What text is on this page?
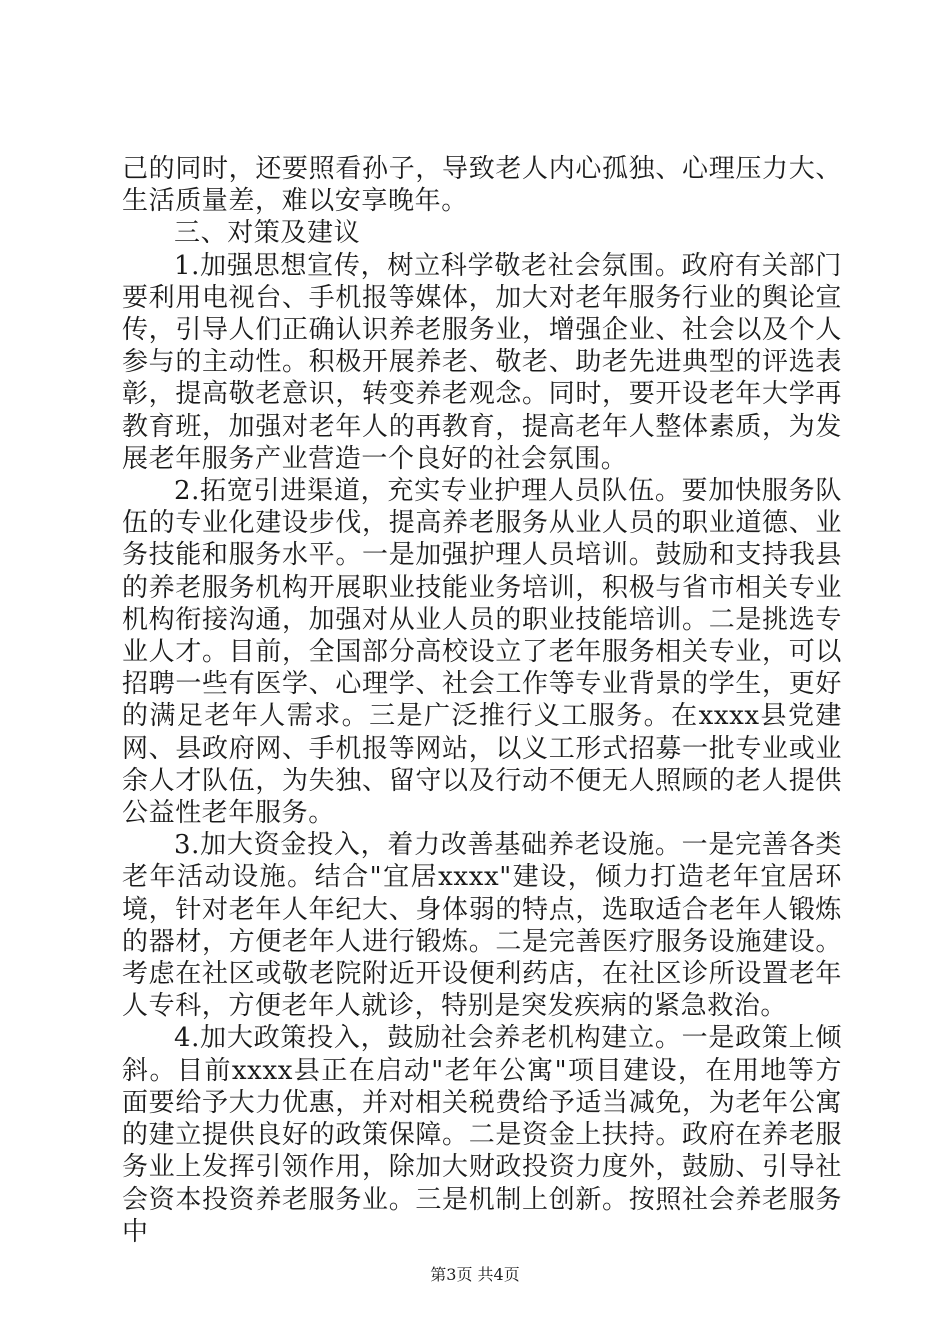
己的同时，还要照看孙子，导致老人内心孤独、心理压力大、生活质量差，难以安享晚年。

三、对策及建议

1.加强思想宣传，树立科学敬老社会氛围。政府有关部门要利用电视台、手机报等媒体，加大对老年服务行业的舆论宣传，引导人们正确认识养老服务业，增强企业、社会以及个人参与的主动性。积极开展养老、敬老、助老先进典型的评选表彰，提高敬老意识，转变养老观念。同时，要开设老年大学再教育班，加强对老年人的再教育，提高老年人整体素质，为发展老年服务产业营造一个良好的社会氛围。

2.拓宽引进渠道，充实专业护理人员队伍。要加快服务队伍的专业化建设步伐，提高养老服务从业人员的职业道德、业务技能和服务水平。一是加强护理人员培训。鼓励和支持我县的养老服务机构开展职业技能业务培训，积极与省市相关专业机构衔接沟通，加强对从业人员的职业技能培训。二是挑选专业人才。目前，全国部分高校设立了老年服务相关专业，可以招聘一些有医学、心理学、社会工作等专业背景的学生，更好的满足老年人需求。三是广泛推行义工服务。在xxxx县党建网、县政府网、手机报等网站，以义工形式招募一批专业或业余人才队伍，为失独、留守以及行动不便无人照顾的老人提供公益性老年服务。

3.加大资金投入，着力改善基础养老设施。一是完善各类老年活动设施。结合"宜居xxxx"建设，倾力打造老年宜居环境，针对老年人年纪大、身体弱的特点，选取适合老年人锻炼的器材，方便老年人进行锻炼。二是完善医疗服务设施建设。考虑在社区或敬老院附近开设便利药店，在社区诊所设置老年人专科，方便老年人就诊，特别是突发疾病的紧急救治。

4.加大政策投入，鼓励社会养老机构建立。一是政策上倾斜。目前xxxx县正在启动"老年公寓"项目建设，在用地等方面要给予大力优惠，并对相关税费给予适当减免，为老年公寓的建立提供良好的政策保障。二是资金上扶持。政府在养老服务业上发挥引领作用，除加大财政投资力度外，鼓励、引导社会资本投资养老服务业。三是机制上创新。按照社会养老服务中

第3页 共4页
